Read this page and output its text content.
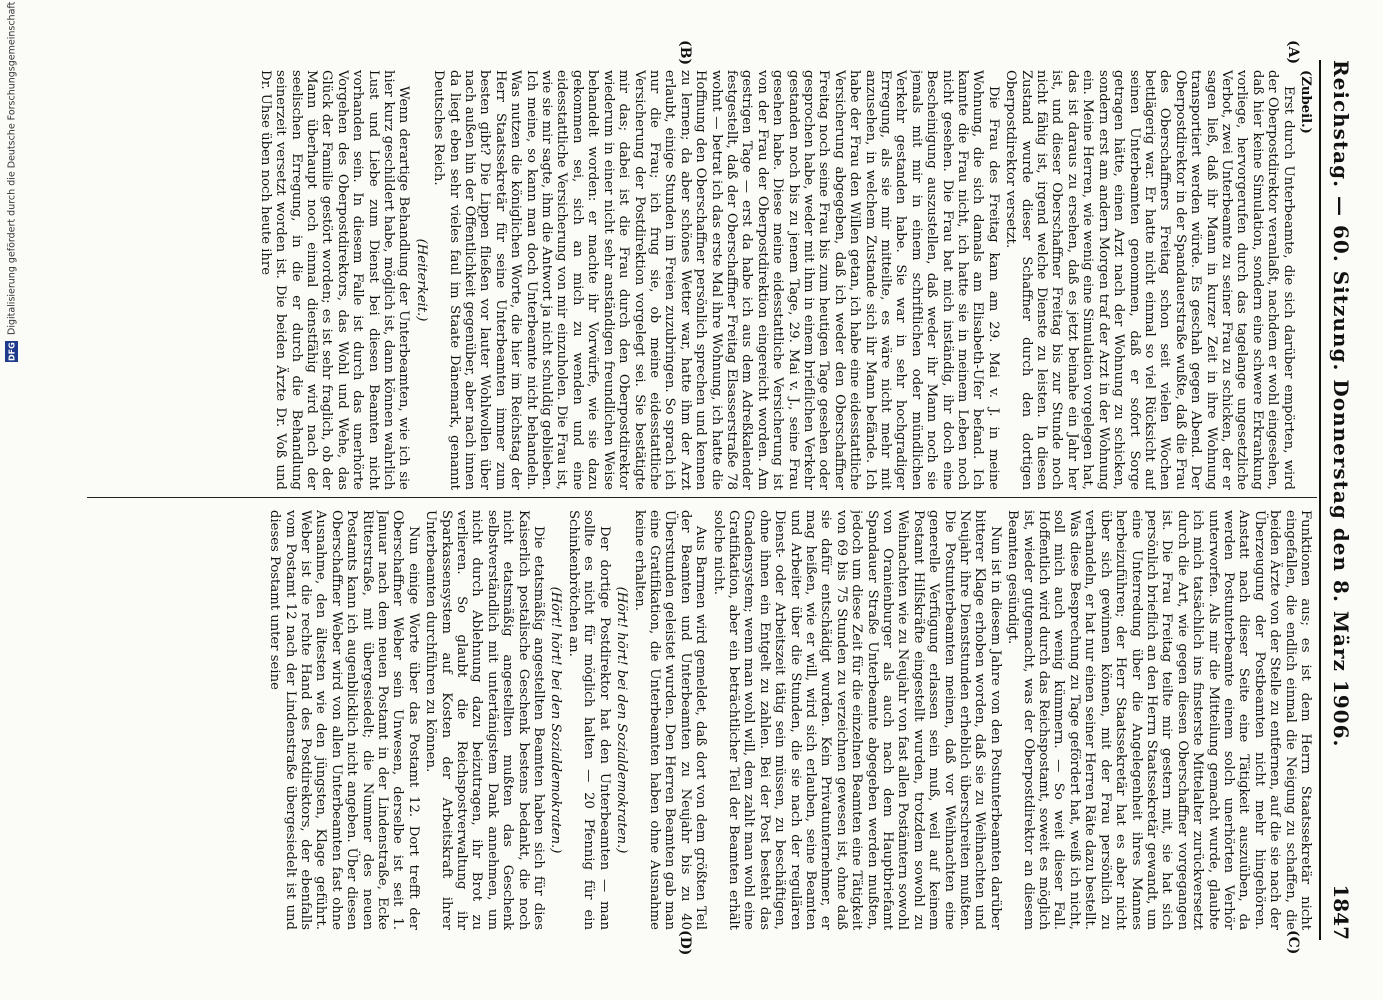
Reichstag. — 60. Sitzung. Donnerstag den 8. März 1906.
1847
(A)
(B)
(C)
(D)

(Zubeil.)

Erst durch Unterbeamte, die sich darüber empörten, wird der Oberpostdirektor veranlaßt, nachdem er wohl eingesehen, daß hier keine Simulation, sondern eine schwere Erkrankung vorliege, hervorgerufen durch das tagelange ungesetzliche Verbot, zwei Unterbeamte zu seiner Frau zu schicken, der er sagen ließ, daß ihr Mann in kurzer Zeit in ihre Wohnung transportiert werden würde. Es geschah gegen Abend. Der Oberpostdirektor in der Spandauerstraße wußte, daß die Frau des Oberschaffners Freitag schon seit vielen Wochen bettlägerig war. Er hatte nicht einmal so viel Rücksicht auf seinen Unterbeamten genommen, daß er sofort Sorge getragen hätte, einen Arzt nach der Wohnung zu schicken, sondern erst am andern Morgen traf der Arzt in der Wohnung ein. Meine Herren, wie wenig eine Simulation vorgelegen hat, das ist daraus zu ersehen, daß es jetzt beinahe ein Jahr her ist, und dieser Oberschaffner Freitag bis zur Stunde noch nicht fähig ist, irgend welche Dienste zu leisten. In diesen Zustand wurde dieser Schaffner durch den dortigen Oberpostdirektor versetzt.

Die Frau des Freitag kam am 29. Mai v. J. in meine Wohnung, die sich damals am Elisabeth-Ufer befand. Ich kannte die Frau nicht, ich hatte sie in meinem Leben noch nicht gesehen. Die Frau bat mich inständig, ihr doch eine Bescheinigung auszustellen, daß weder ihr Mann noch sie jemals mit mir in einem schriftlichen oder mündlichen Verkehr gestanden habe. Sie war in sehr hochgradiger Erregung, als sie mir mitteilte, es wäre nicht mehr mit anzusehen, in welchem Zustande sich ihr Mann befände. Ich habe der Frau den Willen getan, ich habe eine eidesstattliche Versicherung abgegeben, daß ich weder den Oberschaffner Freitag noch seine Frau bis zum heutigen Tage gesehen oder gesprochen habe, weder mit ihm in einem brieflichen Verkehr gestanden noch bis zu jenem Tage, 29. Mai v. J., seine Frau gesehen habe. Diese meine eidesstattliche Versicherung ist von der Frau der Oberpostdirektion eingereicht worden. Am gestrigen Tage — erst da habe ich aus dem Adreßkalender festgestellt, daß der Oberschaffner Freitag Elsasserstraße 78 wohnt — betrat ich das erste Mal ihre Wohnung, ich hatte die Hoffnung den Oberschaffner persönlich sprechen und kennen zu lernen; da aber schönes Wetter war, hatte ihm der Arzt erlaubt, einige Stunden im Freien zuzubringen. So sprach ich nur die Frau; ich frug sie, ob meine eidesstattliche Versicherung der Postdirektion vorgelegt sei. Sie bestätigte mir das; dabei ist die Frau durch den Oberpostdirektor wiederum in einer nicht sehr anständigen freundlichen Weise behandelt worden: er machte ihr Vorwürfe, wie sie dazu gekommen sei, sich an mich zu wenden und eine eidesstattliche Versicherung von mir einzuholen. Die Frau ist, wie sie mir sagte, ihm die Antwort ja nicht schuldig geblieben. Ich meine, so kann man doch Unterbeamte nicht behandeln. Was nutzen die königlichen Worte, die hier im Reichstag der Herr Staatssekretär für seine Unterbeamten immer zum besten gibt? Die Lippen fließen vor lauter Wohlwollen über nach außen hin der Öffentlichkeit gegenüber, aber nach innen da liegt eben sehr vieles faul im Staate Dänemark, genannt Deutsches Reich.

(Heiterkeit.)

Wenn derartige Behandlung der Unterbeamten, wie ich sie hier kurz geschildert habe, möglich ist, dann können wahrlich Lust und Liebe zum Dienst bei diesen Beamten nicht vorhanden sein. In diesem Falle ist durch das unerhörte Vorgehen des Oberpostdirektors, das Wohl und Wehe, das Glück der Familie gestört worden; es ist sehr fraglich, ob der Mann überhaupt noch einmal dienstfähig wird nach der seelischen Erregung, in die er durch die Behandlung seinerzeit versetzt worden ist. Die beiden Ärzte Dr. Voß und Dr. Uhse üben noch heute ihre

Funktionen aus; es ist dem Herrn Staatssekretär nicht eingefallen, die endlich einmal die Neigung zu schaffen, die beiden Ärzte von der Stelle zu entfernen, auf die sie nach der Überzeugung der Postbeamten nicht mehr hingehören. Anstatt nach dieser Seite eine Tätigkeit auszuüben, da werden Postunterbeamte einem solch unerhörten Verhör unterworfen. Als mir die Mitteilung gemacht wurde, glaubte ich mich tatsächlich ins finsterste Mittelalter zurückversetzt durch die Art, wie gegen diesen Oberschaffner vorgegangen ist. Die Frau Freitag teilte mir gestern mit, sie hat sich persönlich brieflich an den Herrn Staatssekretär gewandt, um eine Unterredung über die Angelegenheit ihres Mannes herbeizuführen; der Herr Staatssekretär hat es aber nicht über sich gewinnen können, mit der Frau persönlich zu verhandeln, er hat nur einen seiner Herren Räte dazu bestellt. Was diese Besprechung zu Tage gefördert hat, weiß ich nicht, soll mich auch wenig kümmern. — So weit dieser Fall. Hoffentlich wird durch das Reichspostamt, soweit es möglich ist, wieder gutgemacht, was der Oberpostdirektor an diesem Beamten gesündigt.

Nun ist in diesem Jahre von den Postunterbeamten darüber bitterer Klage erhoben worden, daß sie zu Weihnachten und Neujahr ihre Dienststunden erheblich überschreiten mußten. Die Postunterbeamten meinen, daß vor Weihnachten eine generelle Verfügung erlassen sein muß, weil auf keinem Postamt Hilfskräfte eingestellt wurden, trotzdem sowohl zu Weihnachten wie zu Neujahr von fast allen Postämtern sowohl von Oranienburger als auch nach dem Hauptbriefamt Spandauer Straße Unterbeamte abgegeben werden mußten, jedoch um diese Zeit für die einzelnen Beamten eine Tätigkeit von 69 bis 75 Stunden zu verzeichnen gewesen ist, ohne daß sie dafür entschädigt wurden. Kein Privatunternehmer, er mag heißen, wie er will, wird sich erlauben, seine Beamten und Arbeiter über die Stunden, die sie nach der regulären Dienst- oder Arbeitszeit tätig sein müssen, zu beschäftigen, ohne ihnen ein Entgelt zu zahlen. Bei der Post besteht das Gnadensystem; wenn man wohl will, dem zahlt man wohl eine Gratifikation, aber ein beträchtlicher Teil der Beamten erhält solche nicht.

Aus Barmen wird gemeldet, daß dort von dem größten Teil der Beamten und Unterbeamten zu Neujahr bis zu 40 Überstunden geleistet wurden. Den Herren Beamten gab man eine Gratifikation, die Unterbeamten haben ohne Ausnahme keine erhalten.

(Hört! hört! bei den Sozialdemokraten.)

Der dortige Postdirektor hat den Unterbeamten — man sollte es nicht für möglich halten — 20 Pfennig für ein Schinkenbrötchen an.

(Hört! hört! bei den Sozialdemokraten.)

Die etatsmäßig angestellten Beamten haben sich für dies Kaiserlich postalische Geschenk bestens bedankt, die noch nicht etatsmäßig angestellten mußten das Geschenk selbstverständlich mit untertänigstem Dank annehmen, um nicht durch Ablehnung dazu beizutragen, ihr Brot zu verlieren. So glaubt die Reichspostverwaltung ihr Sparkassensystem auf Kosten der Arbeitskraft ihrer Unterbeamten durchführen zu können.

Nun einige Worte über das Postamt 12. Dort trefft der Oberschaffner Weber sein Unwesen, derselbe ist seit 1. Januar nach dem neuen Postamt in der Lindenstraße, Ecke Ritterstraße, mit übergesiedelt; die Nummer des neuen Postamts kann ich augenblicklich nicht angeben. Über diesen Oberschaffner Weber wird von allen Unterbeamten fast ohne Ausnahme, den ältesten wie den jüngsten, Klage geführt. Weber ist die rechte Hand des Postdirektors, der ebenfalls vom Postamt 12 nach der Lindenstraße übergesiedelt ist und dieses Postamt unter seine

DFG
Digitalisierung gefördert durch die Deutsche Forschungsgemeinschaft
